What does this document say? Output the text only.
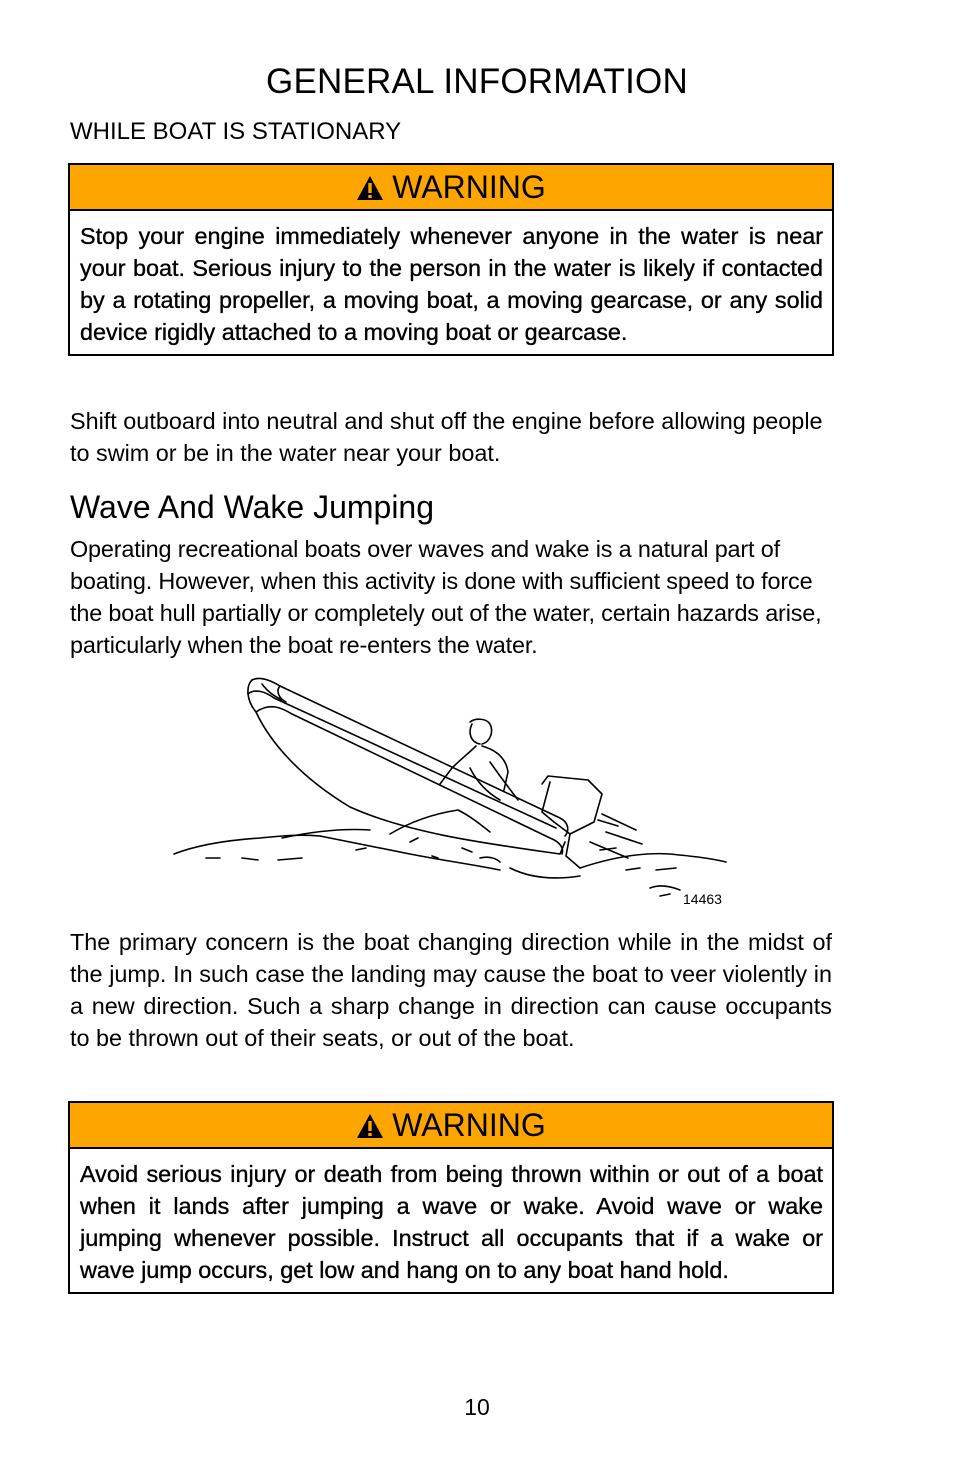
GENERAL INFORMATION
WHILE BOAT IS STATIONARY
WARNING
Stop your engine immediately whenever anyone in the water is near your boat. Serious injury to the person in the water is likely if contacted by a rotating propeller, a moving boat, a moving gearcase, or any solid device rigidly attached to a moving boat or gearcase.
Shift outboard into neutral and shut off the engine before allowing people to swim or be in the water near your boat.
Wave And Wake Jumping
Operating recreational boats over waves and wake is a natural part of boating. However, when this activity is done with sufficient speed to force the boat hull partially or completely out of the water, certain hazards arise, particularly when the boat re-enters the water.
14463
The primary concern is the boat changing direction while in the midst of the jump. In such case the landing may cause the boat to veer violently in a new direction. Such a sharp change in direction can cause occupants to be thrown out of their seats, or out of the boat.
WARNING
Avoid serious injury or death from being thrown within or out of a boat when it lands after jumping a wave or wake. Avoid wave or wake jumping whenever possible. Instruct all occupants that if a wake or wave jump occurs, get low and hang on to any boat hand hold.
10
